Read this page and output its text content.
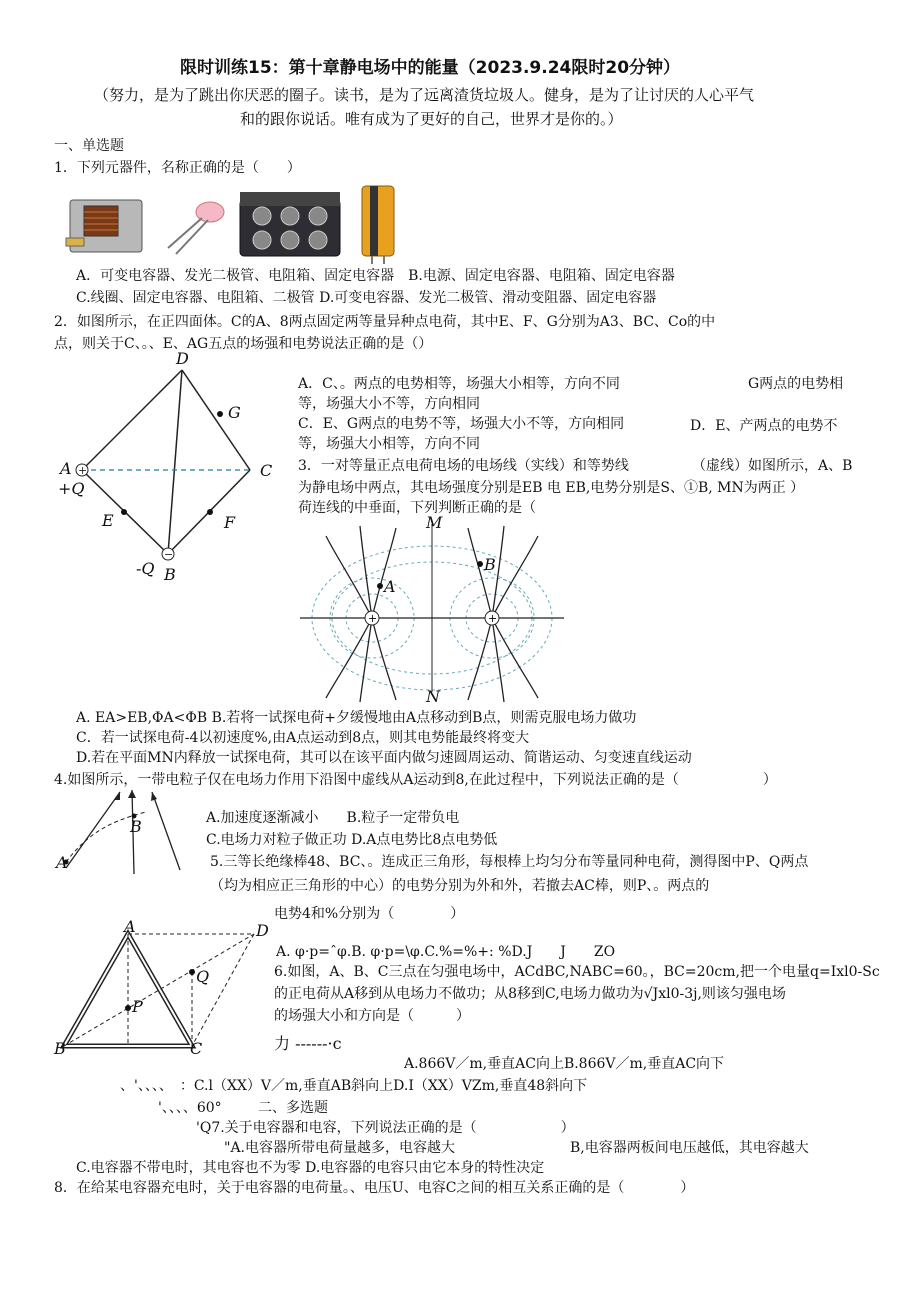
限时训练15：第十章静电场中的能量（2023.9.24限时20分钟）
（努力，是为了跳出你厌恶的圈子。读书，是为了远离渣货垃圾人。健身，是为了让讨厌的人心平气
和的跟你说话。唯有成为了更好的自己，世界才是你的。）
一、单选题
1．下列元器件，名称正确的是（　　）
A．可变电容器、发光二极管、电阻箱、固定电容器　B.电源、固定电容器、电阻箱、固定电容器
C.线圈、固定电容器、电阻箱、二极管 D.可变电容器、发光二极管、滑动变阻器、固定电容器
2．如图所示，在正四面体。C的A、8两点固定两等量异种点电荷，其中E、F、G分别为A3、BC、Co的中
点，则关于C、。、E、AG五点的场强和电势说法正确的是（）
+
−
D
G
A
+Q
C
E	F
-Q B
A．C、。两点的电势相等，场强大小相等，方向不同	G两点的电势相
等，场强大小不等，方向相同
C．E、G两点的电势不等，场强大小不等，方向相同	D．E、产两点的电势不
等，场强大小相等，方向不同
3．一对等量正点电荷电场的电场线（实线）和等势线	（虚线）如图所示，A、B
为静电场中两点，其电场强度分别是EB 电 EB,电势分别是S、①B, MN为两正 ）
荷连线的中垂面，下列判断正确的是（
+	+
M
N
A
B
A. EA>EB,ΦA<ΦB B.若将一试探电荷+夕缓慢地由A点移动到B点，则需克服电场力做功
C．若一试探电荷-4以初速度%,由A点运动到8点，则其电势能最终将变大
D.若在平面MN内释放一试探电荷，其可以在该平面内做匀速圆周运动、简谐运动、匀变速直线运动
4.如图所示，一带电粒子仅在电场力作用下沿图中虚线从A运动到8,在此过程中，下列说法正确的是（　　　　　　）
A
B	A.加速度逐渐减小　　B.粒子一定带负电
C.电场力对粒子做正功 D.A点电势比8点电势低
5.三等长绝缘棒48、BC、。连成正三角形，每根棒上均匀分布等量同种电荷，测得图中P、Q两点
（均为相应正三角形的中心）的电势分别为外和外，若撤去AC棒，则P、。两点的
电势4和%分别为（　　　　）
A	D
B	C
P
Q
A. φ·p=ˆφ.B. φ·p=\φ.C.%=%+: %D.J　　J　　ZO
6.如图，A、B、C三点在匀强电场中，ACdBC,NABC=60。，BC=20cm,把一个电量q=Ixl0-Sc
的正电荷从A移到从电场力不做功；从8移到C,电场力做功为√Jxl0-3j,则该匀强电场
的场强大小和方向是（　　　）
力 ------·c
A.866V／m,垂直AC向上B.866V／m,垂直AC向下
、'、、、、　：C.l（XX）V／m,垂直AB斜向上D.I（XX）VZm,垂直48斜向下
'、、、、60°	二、多选题
'Q7.关于电容器和电容，下列说法正确的是（　　　　　　）
"A.电容器所带电荷量越多，电容越大	B,电容器两板间电压越低，其电容越大
C.电容器不带电时，其电容也不为零 D.电容器的电容只由它本身的特性决定
8．在给某电容器充电时，关于电容器的电荷量。、电压U、电容C之间的相互关系正确的是（　　　　）
